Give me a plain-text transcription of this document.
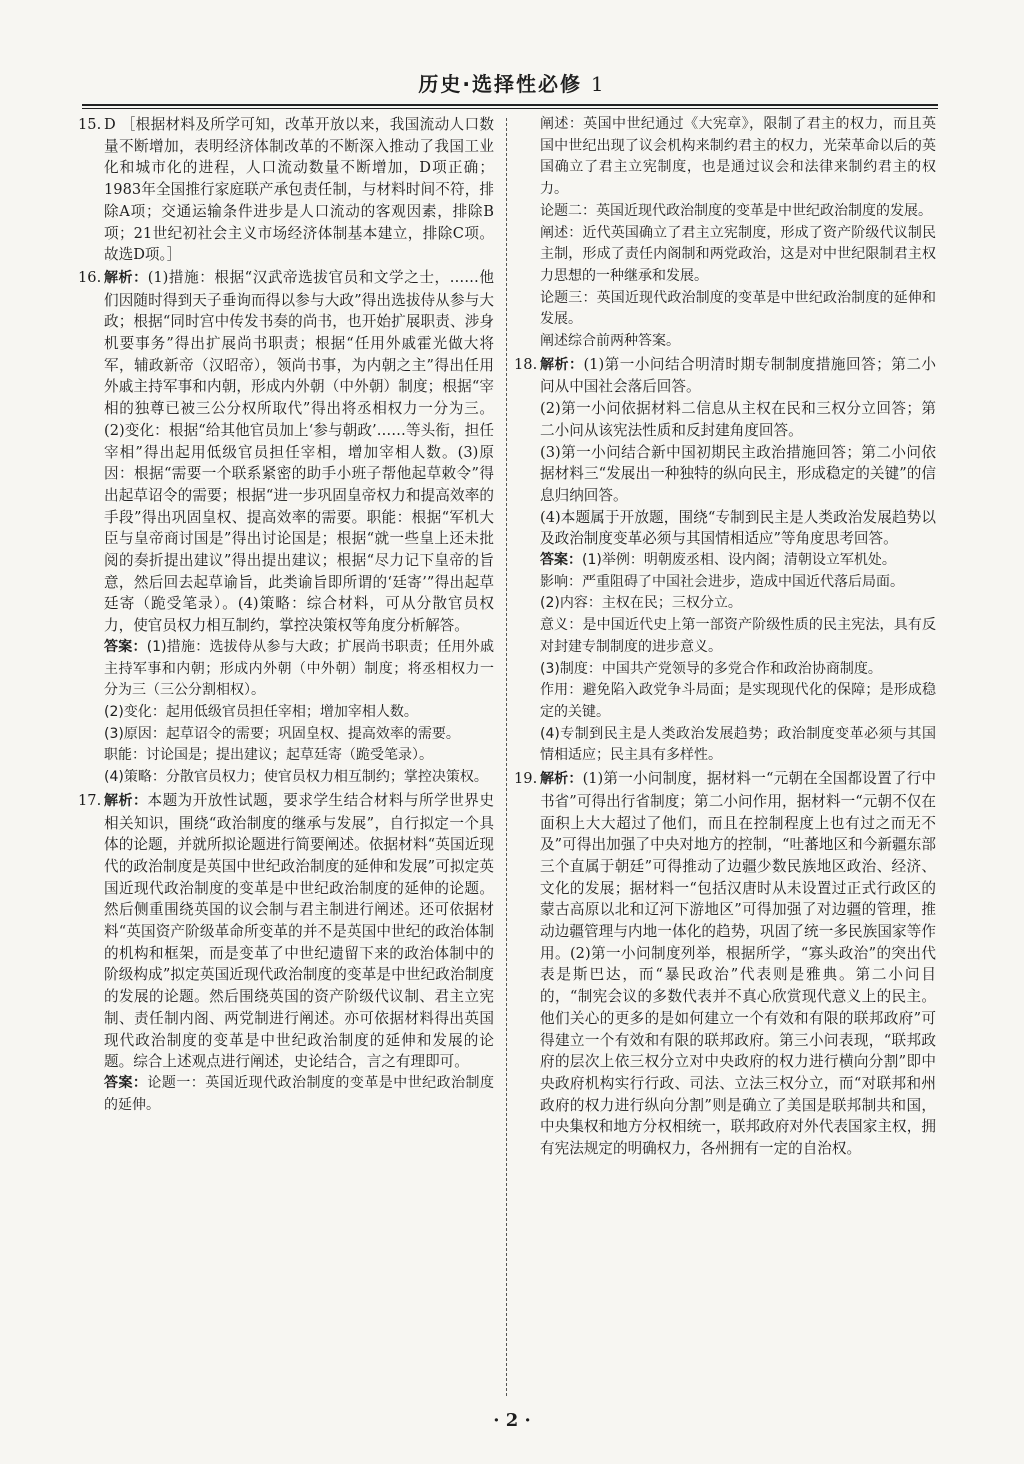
历史·选择性必修 1
15. D ［根据材料及所学可知，改革开放以来，我国流动人口数量不断增加，表明经济体制改革的不断深入推动了我国工业化和城市化的进程，人口流动数量不断增加，D项正确；1983年全国推行家庭联产承包责任制，与材料时间不符，排除A项；交通运输条件进步是人口流动的客观因素，排除B项；21世纪初社会主义市场经济体制基本建立，排除C项。故选D项。］

16. 解析：(1)措施：根据“汉武帝选拔官员和文学之士，……他们因随时得到天子垂询而得以参与大政”得出选拔侍从参与大政；根据“同时宫中传发书奏的尚书，也开始扩展职责、涉身机要事务”得出扩展尚书职责；根据“任用外戚霍光做大将军，辅政新帝（汉昭帝），领尚书事，为内朝之主”得出任用外戚主持军事和内朝，形成内外朝（中外朝）制度；根据“宰相的独尊已被三公分权所取代”得出将丞相权力一分为三。(2)变化：根据“给其他官员加上‘参与朝政’……等头衔，担任宰相”得出起用低级官员担任宰相，增加宰相人数。(3)原因：根据“需要一个联系紧密的助手小班子帮他起草敕令”得出起草诏令的需要；根据“进一步巩固皇帝权力和提高效率的手段”得出巩固皇权、提高效率的需要。职能：根据“军机大臣与皇帝商讨国是”得出讨论国是；根据“就一些皇上还未批阅的奏折提出建议”得出提出建议；根据“尽力记下皇帝的旨意，然后回去起草谕旨，此类谕旨即所谓的‘廷寄’”得出起草廷寄（跪受笔录）。(4)策略：综合材料，可从分散官员权力，使官员权力相互制约，掌控决策权等角度分析解答。

答案：(1)措施：选拔侍从参与大政；扩展尚书职责；任用外戚主持军事和内朝；形成内外朝（中外朝）制度；将丞相权力一分为三（三公分割相权）。

(2)变化：起用低级官员担任宰相；增加宰相人数。

(3)原因：起草诏令的需要；巩固皇权、提高效率的需要。

职能：讨论国是；提出建议；起草廷寄（跪受笔录）。

(4)策略：分散官员权力；使官员权力相互制约；掌控决策权。

17. 解析：本题为开放性试题，要求学生结合材料与所学世界史相关知识，围绕“政治制度的继承与发展”，自行拟定一个具体的论题，并就所拟论题进行简要阐述。依据材料“英国近现代的政治制度是英国中世纪政治制度的延伸和发展”可拟定英国近现代政治制度的变革是中世纪政治制度的延伸的论题。然后侧重围绕英国的议会制与君主制进行阐述。还可依据材料“英国资产阶级革命所变革的并不是英国中世纪的政治体制的机构和框架，而是变革了中世纪遗留下来的政治体制中的阶级构成”拟定英国近现代政治制度的变革是中世纪政治制度的发展的论题。然后围绕英国的资产阶级代议制、君主立宪制、责任制内阁、两党制进行阐述。亦可依据材料得出英国现代政治制度的变革是中世纪政治制度的延伸和发展的论题。综合上述观点进行阐述，史论结合，言之有理即可。

答案：论题一：英国近现代政治制度的变革是中世纪政治制度的延伸。

阐述：英国中世纪通过《大宪章》，限制了君主的权力，而且英国中世纪出现了议会机构来制约君主的权力，光荣革命以后的英国确立了君主立宪制度，也是通过议会和法律来制约君主的权力。

论题二：英国近现代政治制度的变革是中世纪政治制度的发展。

阐述：近代英国确立了君主立宪制度，形成了资产阶级代议制民主制，形成了责任内阁制和两党政治，这是对中世纪限制君主权力思想的一种继承和发展。

论题三：英国近现代政治制度的变革是中世纪政治制度的延伸和发展。

阐述综合前两种答案。

18. 解析：(1)第一小问结合明清时期专制制度措施回答；第二小问从中国社会落后回答。

(2)第一小问依据材料二信息从主权在民和三权分立回答；第二小问从该宪法性质和反封建角度回答。

(3)第一小问结合新中国初期民主政治措施回答；第二小问依据材料三“发展出一种独特的纵向民主，形成稳定的关键”的信息归纳回答。

(4)本题属于开放题，围绕“专制到民主是人类政治发展趋势以及政治制度变革必须与其国情相适应”等角度思考回答。

答案：(1)举例：明朝废丞相、设内阁；清朝设立军机处。

影响：严重阻碍了中国社会进步，造成中国近代落后局面。

(2)内容：主权在民；三权分立。

意义：是中国近代史上第一部资产阶级性质的民主宪法，具有反对封建专制制度的进步意义。

(3)制度：中国共产党领导的多党合作和政治协商制度。

作用：避免陷入政党争斗局面；是实现现代化的保障；是形成稳定的关键。

(4)专制到民主是人类政治发展趋势；政治制度变革必须与其国情相适应；民主具有多样性。

19. 解析：(1)第一小问制度，据材料一“元朝在全国都设置了行中书省”可得出行省制度；第二小问作用，据材料一“元朝不仅在面积上大大超过了他们，而且在控制程度上也有过之而无不及”可得出加强了中央对地方的控制，“吐蕃地区和今新疆东部三个直属于朝廷”可得推动了边疆少数民族地区政治、经济、文化的发展；据材料一“包括汉唐时从未设置过正式行政区的蒙古高原以北和辽河下游地区”可得加强了对边疆的管理，推动边疆管理与内地一体化的趋势，巩固了统一多民族国家等作用。(2)第一小问制度列举，根据所学，“寡头政治”的突出代表是斯巴达，而“暴民政治”代表则是雅典。第二小问目的，“制宪会议的多数代表并不真心欣赏现代意义上的民主。他们关心的更多的是如何建立一个有效和有限的联邦政府”可得建立一个有效和有限的联邦政府。第三小问表现，“联邦政府的层次上依三权分立对中央政府的权力进行横向分割”即中央政府机构实行行政、司法、立法三权分立，而“对联邦和州政府的权力进行纵向分割”则是确立了美国是联邦制共和国，中央集权和地方分权相统一，联邦政府对外代表国家主权，拥有宪法规定的明确权力，各州拥有一定的自治权。

· 2 ·
